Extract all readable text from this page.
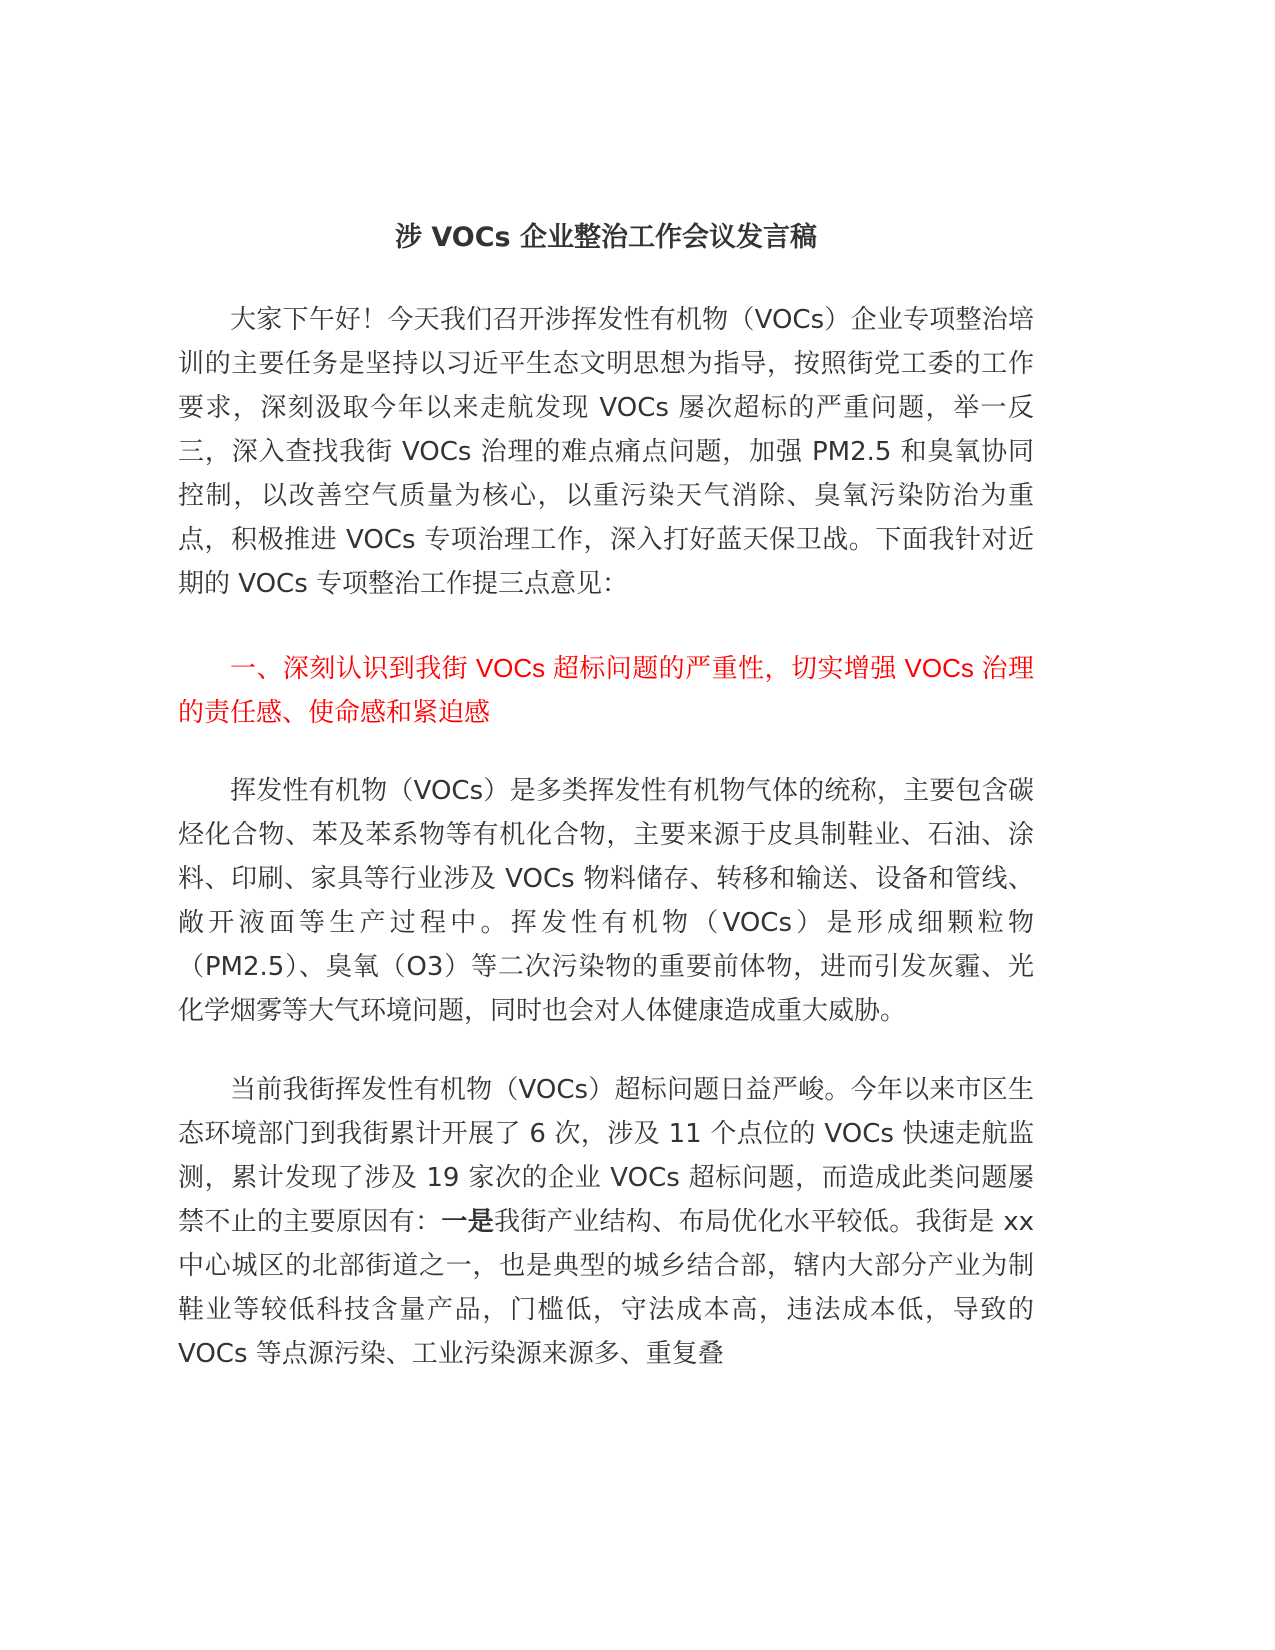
涉 VOCs 企业整治工作会议发言稿

大家下午好！今天我们召开涉挥发性有机物（VOCs）企业专项整治培训的主要任务是坚持以习近平生态文明思想为指导，按照街党工委的工作要求，深刻汲取今年以来走航发现 VOCs 屡次超标的严重问题，举一反三，深入查找我街 VOCs 治理的难点痛点问题，加强 PM2.5 和臭氧协同控制，以改善空气质量为核心，以重污染天气消除、臭氧污染防治为重点，积极推进 VOCs 专项治理工作，深入打好蓝天保卫战。下面我针对近期的 VOCs 专项整治工作提三点意见：

一、深刻认识到我街 VOCs 超标问题的严重性，切实增强 VOCs 治理的责任感、使命感和紧迫感

挥发性有机物（VOCs）是多类挥发性有机物气体的统称，主要包含碳烃化合物、苯及苯系物等有机化合物，主要来源于皮具制鞋业、石油、涂料、印刷、家具等行业涉及 VOCs 物料储存、转移和输送、设备和管线、敞开液面等生产过程中。挥发性有机物（VOCs）是形成细颗粒物（PM2.5）、臭氧（O3）等二次污染物的重要前体物，进而引发灰霾、光化学烟雾等大气环境问题，同时也会对人体健康造成重大威胁。

当前我街挥发性有机物（VOCs）超标问题日益严峻。今年以来市区生态环境部门到我街累计开展了 6 次，涉及 11 个点位的 VOCs 快速走航监测，累计发现了涉及 19 家次的企业 VOCs 超标问题，而造成此类问题屡禁不止的主要原因有：一是我街产业结构、布局优化水平较低。我街是 xx 中心城区的北部街道之一，也是典型的城乡结合部，辖内大部分产业为制鞋业等较低科技含量产品，门槛低，守法成本高，违法成本低，导致的 VOCs 等点源污染、工业污染源来源多、重复叠
